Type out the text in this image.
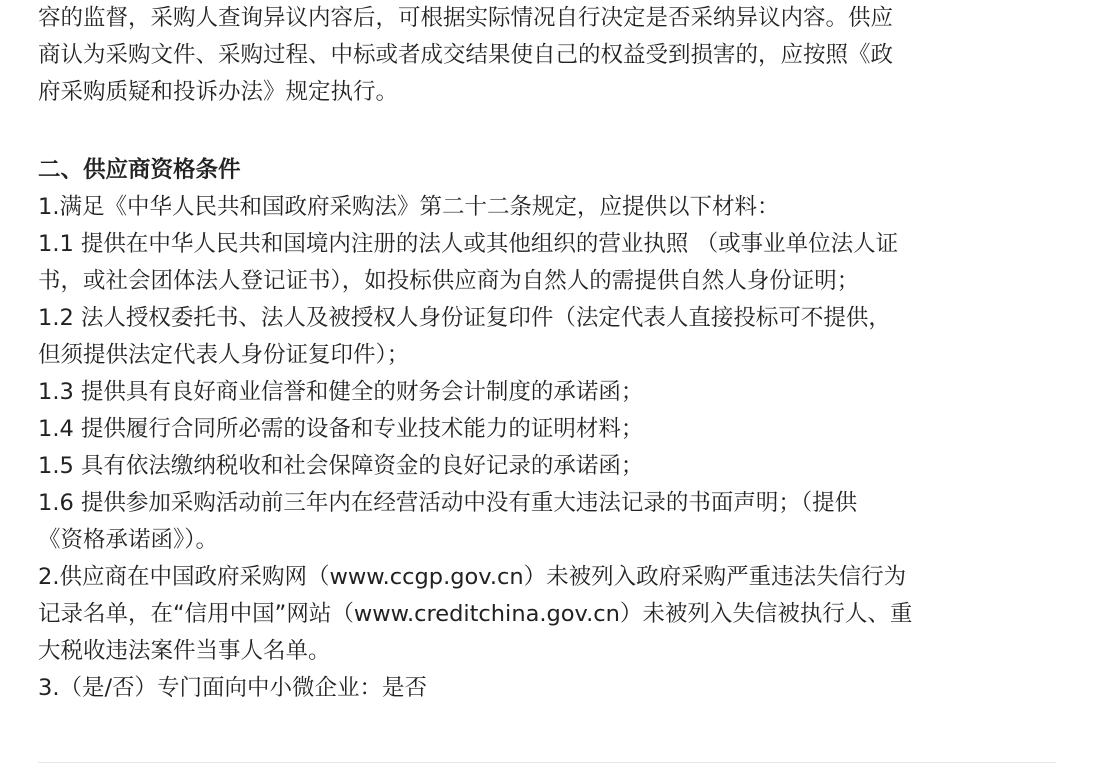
容的监督，采购人查询异议内容后，可根据实际情况自行决定是否采纳异议内容。供应
商认为采购文件、采购过程、中标或者成交结果使自己的权益受到损害的，应按照《政
府采购质疑和投诉办法》规定执行。
二、供应商资格条件
1.满足《中华人民共和国政府采购法》第二十二条规定，应提供以下材料：
1.1 提供在中华人民共和国境内注册的法人或其他组织的营业执照 （或事业单位法人证
书，或社会团体法人登记证书），如投标供应商为自然人的需提供自然人身份证明；
1.2 法人授权委托书、法人及被授权人身份证复印件（法定代表人直接投标可不提供，
但须提供法定代表人身份证复印件）；
1.3 提供具有良好商业信誉和健全的财务会计制度的承诺函；
1.4 提供履行合同所必需的设备和专业技术能力的证明材料；
1.5 具有依法缴纳税收和社会保障资金的良好记录的承诺函；
1.6 提供参加采购活动前三年内在经营活动中没有重大违法记录的书面声明；（提供
《资格承诺函》）。
2.供应商在中国政府采购网（www.ccgp.gov.cn）未被列入政府采购严重违法失信行为
记录名单，在“信用中国”网站（www.creditchina.gov.cn）未被列入失信被执行人、重
大税收违法案件当事人名单。
3.（是/否）专门面向中小微企业：是否
